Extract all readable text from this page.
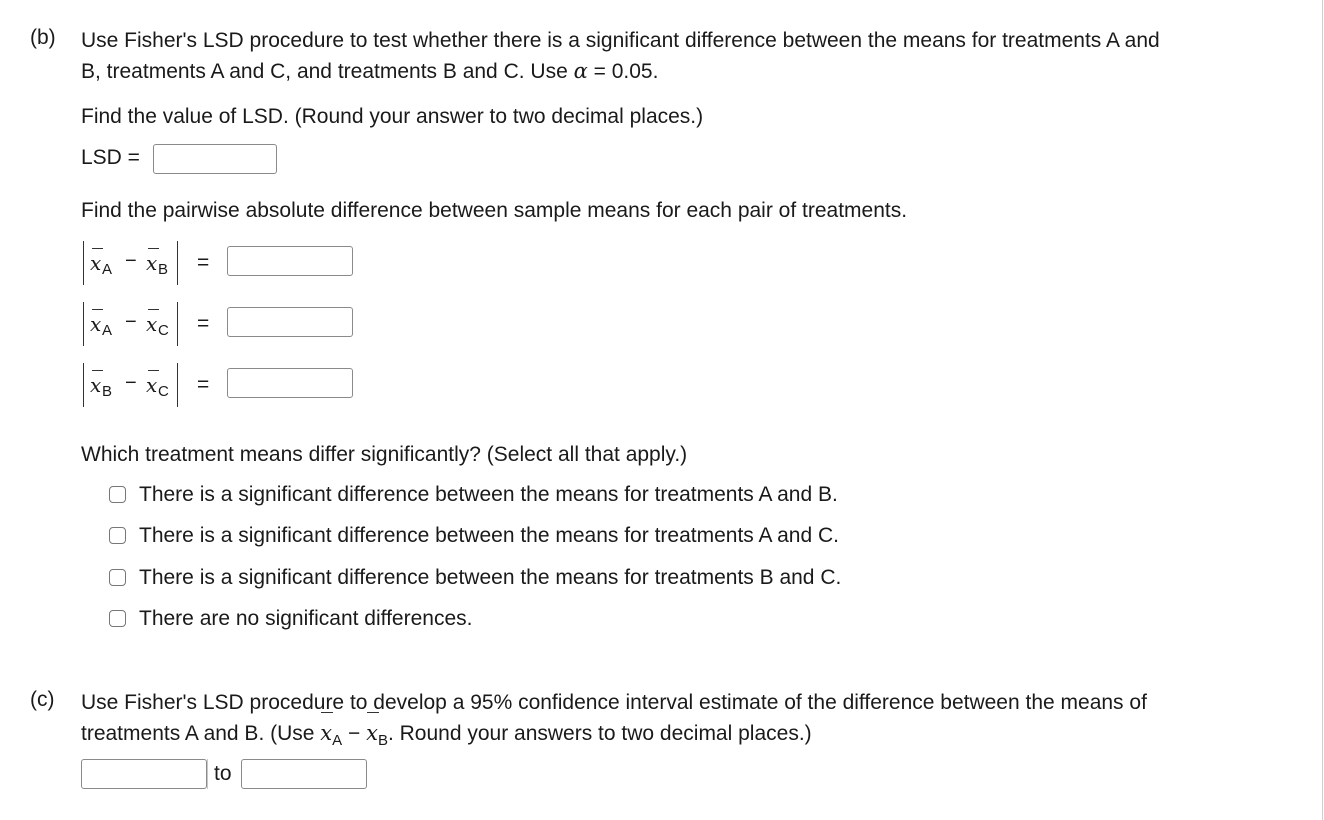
(b) Use Fisher's LSD procedure to test whether there is a significant difference between the means for treatments A and
B, treatments A and C, and treatments B and C. Use α = 0.05.
Find the value of LSD. (Round your answer to two decimal places.)
LSD =
Find the pairwise absolute difference between sample means for each pair of treatments.
x A − x B =
x A − x C =
x B − x C =
Which treatment means differ significantly? (Select all that apply.)
There is a significant difference between the means for treatments A and B.
There is a significant difference between the means for treatments A and C.
There is a significant difference between the means for treatments B and C.
There are no significant differences.
(c) Use Fisher's LSD procedure to develop a 95% confidence interval estimate of the difference between the means of
treatments A and B. (Use
$x_A$ −
$x_B$. Round your answers to two decimal places.)
to
